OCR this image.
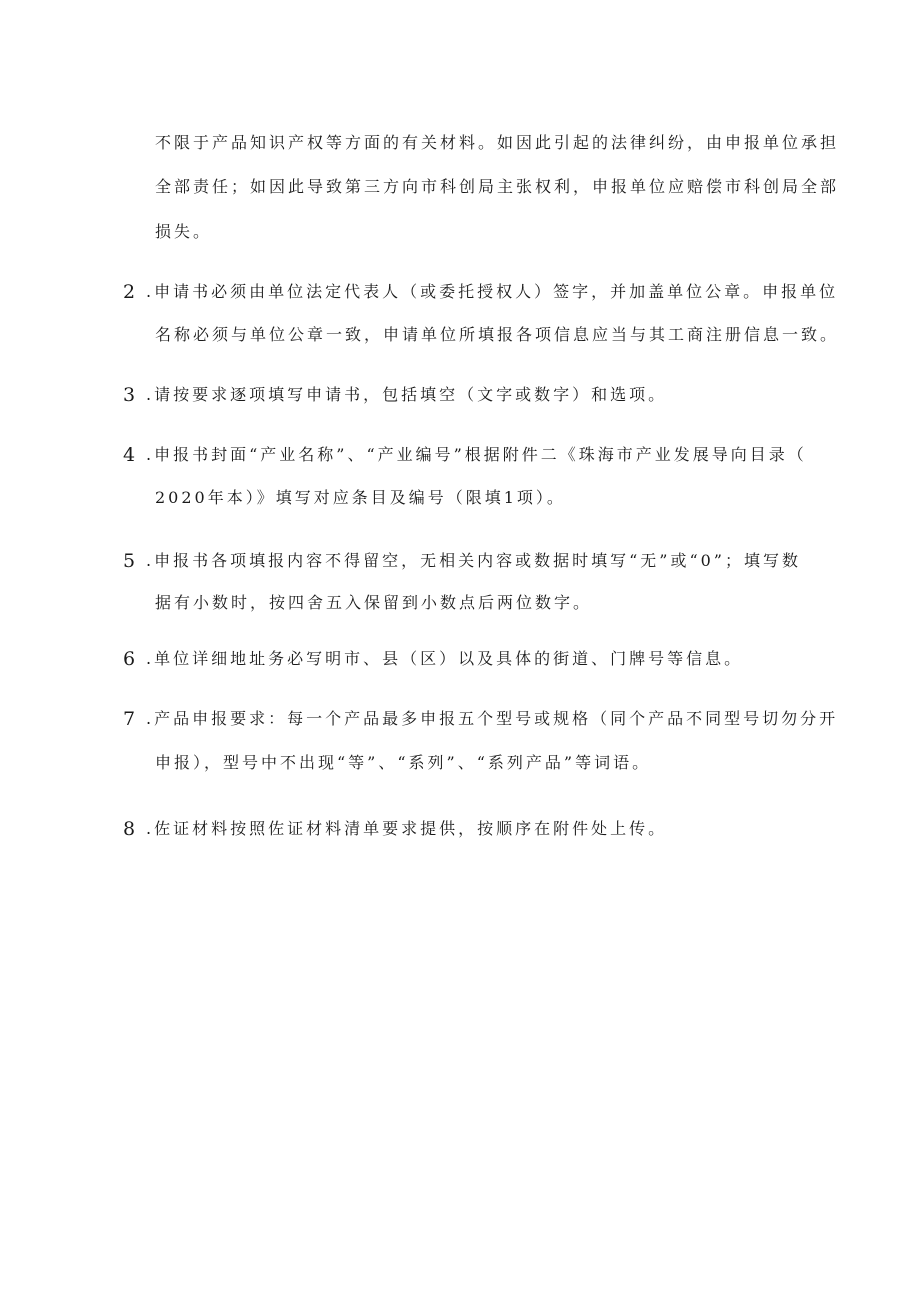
不限于产品知识产权等方面的有关材料。如因此引起的法律纠纷，由申报单位承担
全部责任；如因此导致第三方向市科创局主张权利，申报单位应赔偿市科创局全部
损失。
2 .申请书必须由单位法定代表人（或委托授权人）签字，并加盖单位公章。申报单位
名称必须与单位公章一致，申请单位所填报各项信息应当与其工商注册信息一致。
3 .请按要求逐项填写申请书，包括填空（文字或数字）和选项。
4 .申报书封面“产业名称”、“产业编号”根据附件二《珠海市产业发展导向目录（
2020年本）》填写对应条目及编号（限填1项）。
5 .申报书各项填报内容不得留空，无相关内容或数据时填写“无”或“0”；填写数
据有小数时，按四舍五入保留到小数点后两位数字。
6 .单位详细地址务必写明市、县（区）以及具体的街道、门牌号等信息。
7 .产品申报要求：每一个产品最多申报五个型号或规格（同个产品不同型号切勿分开
申报），型号中不出现“等”、“系列”、“系列产品”等词语。
8 .佐证材料按照佐证材料清单要求提供，按顺序在附件处上传。
